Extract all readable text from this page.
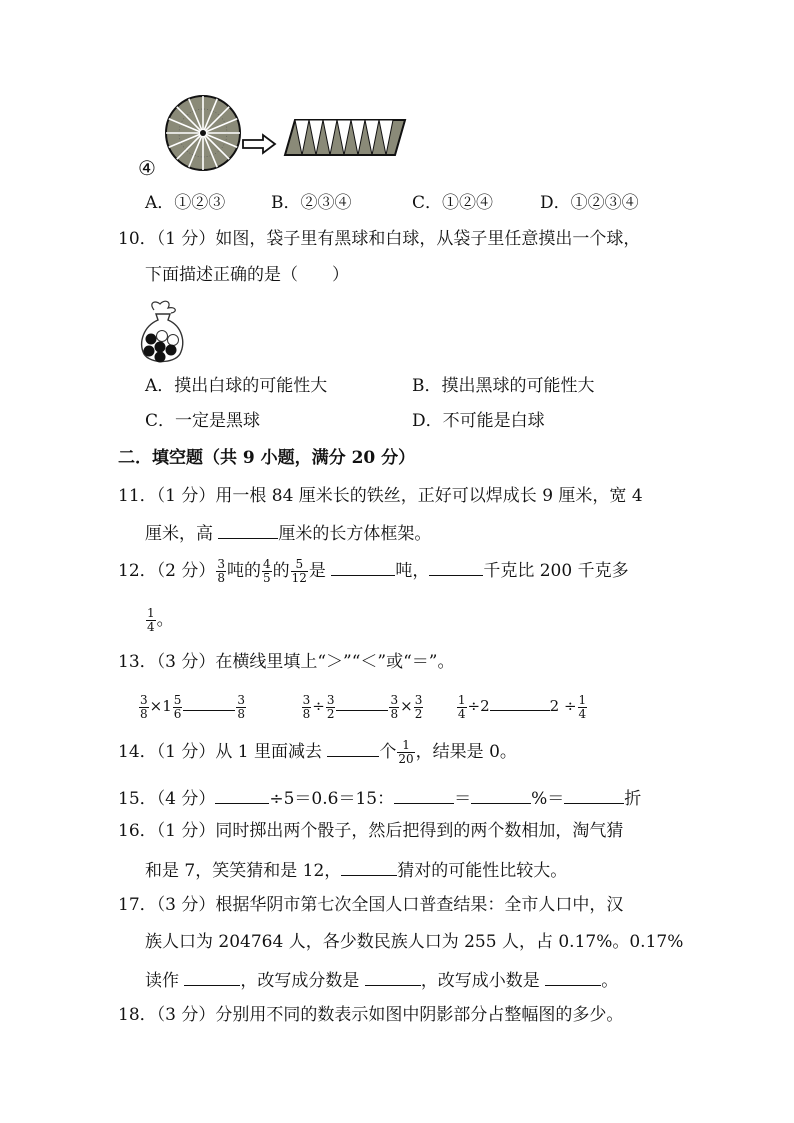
④
A．①②③	B．②③④	C．①②④	D．①②③④
10．（1 分）如图，袋子里有黑球和白球，从袋子里任意摸出一个球，
下面描述正确的是（　　）
A．摸出白球的可能性大	B．摸出黑球的可能性大
C．一定是黑球	D．不可能是白球
二．填空题（共 9 小题，满分 20 分）
11．（1 分）用一根 84 厘米长的铁丝，正好可以焊成长 9 厘米，宽 4
厘米，高	厘米的长方体框架。
12．（2 分） $\frac{3}{8}$ 吨的 $\frac{4}{5}$ 的 $\frac{5}{12}$ 是	吨，	千克比 200 千克多
$\frac{1}{4}$ 。
13．（3 分）在横线里填上“＞”“＜”或“＝”。
$\frac{3}{8} \times 1 \frac{5}{6}$	$\frac{3}{8}$
	$\frac{3}{8} \div \frac{3}{2}$	$\frac{3}{8} \times \frac{3}{2}$
	$\frac{1}{4} \div 2$	$2 \div \frac{1}{4}$
14．（1 分）从 1 里面减去	个 $\frac{1}{20}$ ，结果是 0。
15．（4 分）	÷5＝0.6＝15：	＝	%＝	折
16．（1 分）同时掷出两个骰子，然后把得到的两个数相加，淘气猜
和是 7，笑笑猜和是 12，	猜对的可能性比较大。
17．（3 分）根据华阴市第七次全国人口普查结果：全市人口中，汉
族人口为 204764 人，各少数民族人口为 255 人，占 0.17%。0.17%
读作	，改写成分数是	，改写成小数是	。
18．（3 分）分别用不同的数表示如图中阴影部分占整幅图的多少。
